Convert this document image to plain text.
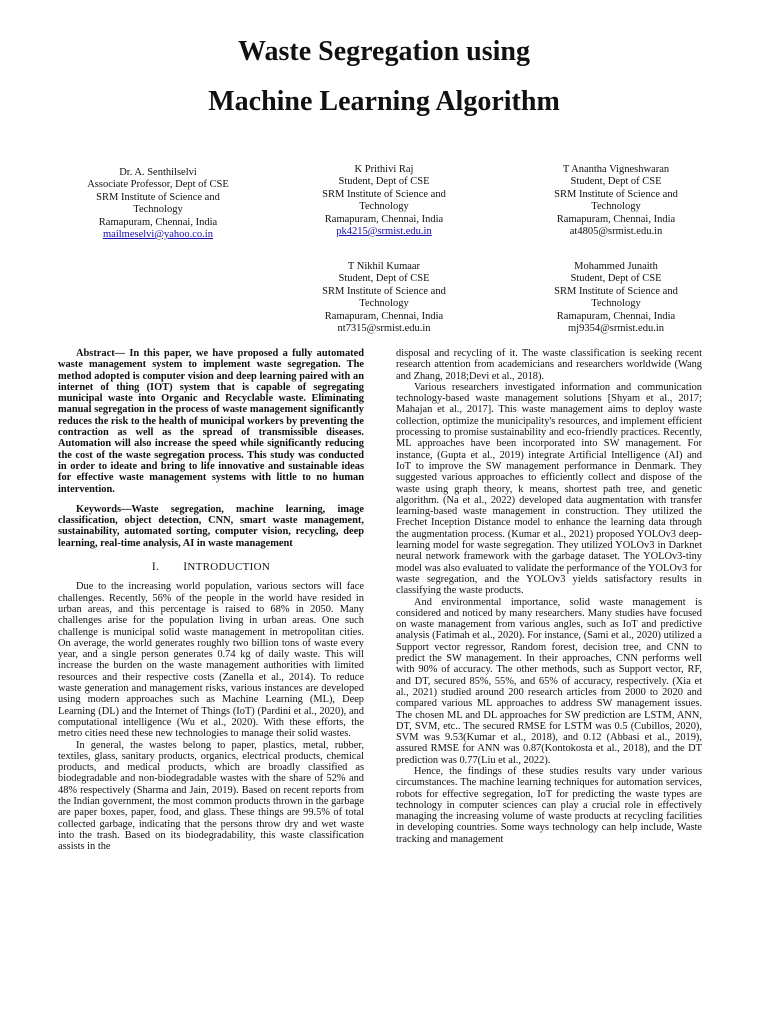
Waste Segregation using
Machine Learning Algorithm
Dr. A. Senthilselvi
Associate Professor, Dept of CSE
SRM Institute of Science and
Technology
Ramapuram, Chennai, India
mailmeselvi@yahoo.co.in
K Prithivi Raj
Student, Dept of CSE
SRM Institute of Science and
Technology
Ramapuram, Chennai, India
pk4215@srmist.edu.in
T Anantha Vigneshwaran
Student, Dept of CSE
SRM Institute of Science and
Technology
Ramapuram, Chennai, India
at4805@srmist.edu.in
T Nikhil Kumaar
Student, Dept of CSE
SRM Institute of Science and
Technology
Ramapuram, Chennai, India
nt7315@srmist.edu.in
Mohammed Junaith
Student, Dept of CSE
SRM Institute of Science and
Technology
Ramapuram, Chennai, India
mj9354@srmist.edu.in

Abstract— In this paper, we have proposed a fully automated waste management system to implement waste segregation. The method adopted is computer vision and deep learning paired with an internet of thing (IOT) system that is capable of segregating municipal waste into Organic and Recyclable waste. Eliminating manual segregation in the process of waste management significantly reduces the risk to the health of municipal workers by preventing the contraction as well as the spread of transmissible diseases. Automation will also increase the speed while significantly reducing the cost of the waste segregation process. This study was conducted in order to ideate and bring to life innovative and sustainable ideas for effective waste management systems with little to no human intervention.

Keywords—Waste segregation, machine learning, image classification, object detection, CNN, smart waste management, sustainability, automated sorting, computer vision, recycling, deep learning, real-time analysis, AI in waste management

I. INTRODUCTION

Due to the increasing world population, various sectors will face challenges. Recently, 56% of the people in the world have resided in urban areas, and this percentage is raised to 68% in 2050. Many challenges arise for the population living in urban areas. One such challenge is municipal solid waste management in metropolitan cities. On average, the world generates roughly two billion tons of waste every year, and a single person generates 0.74 kg of daily waste. This will increase the burden on the waste management authorities with limited resources and their respective costs (Zanella et al., 2014). To reduce waste generation and management risks, various instances are developed using modern approaches such as Machine Learning (ML), Deep Learning (DL) and the Internet of Things (IoT) (Pardini et al., 2020), and computational intelligence (Wu et al., 2020). With these efforts, the metro cities need these new technologies to manage their solid wastes.

In general, the wastes belong to paper, plastics, metal, rubber, textiles, glass, sanitary products, organics, electrical products, chemical products, and medical products, which are broadly classified as biodegradable and non-biodegradable wastes with the share of 52% and 48% respectively (Sharma and Jain, 2019). Based on recent reports from the Indian government, the most common products thrown in the garbage are paper boxes, paper, food, and glass. These things are 99.5% of total collected garbage, indicating that the persons throw dry and wet waste into the trash. Based on its biodegradability, this waste classification assists in the

disposal and recycling of it. The waste classification is seeking recent research attention from academicians and researchers worldwide (Wang and Zhang, 2018;Devi et al., 2018).

Various researchers investigated information and communication technology-based waste management solutions [Shyam et al., 2017; Mahajan et al., 2017]. This waste management aims to deploy waste collection, optimize the municipality's resources, and implement efficient processing to promise sustainability and eco-friendly practices. Recently, ML approaches have been incorporated into SW management. For instance, (Gupta et al., 2019) integrate Artificial Intelligence (AI) and IoT to improve the SW management performance in Denmark. They suggested various approaches to efficiently collect and dispose of the waste using graph theory, k means, shortest path tree, and genetic algorithm. (Na et al., 2022) developed data augmentation with transfer learning-based waste management in construction. They utilized the Frechet Inception Distance model to enhance the learning data through the augmentation process. (Kumar et al., 2021) proposed YOLOv3 deep-learning model for waste segregation. They utilized YOLOv3 in Darknet neural network framework with the garbage dataset. The YOLOv3-tiny model was also evaluated to validate the performance of the YOLOv3 for waste segregation, and the YOLOv3 yields satisfactory results in classifying the waste products.

And environmental importance, solid waste management is considered and noticed by many researchers. Many studies have focused on waste management from various angles, such as IoT and predictive analysis (Fatimah et al., 2020). For instance, (Sami et al., 2020) utilized a Support vector regressor, Random forest, decision tree, and CNN to predict the SW management. In their approaches, CNN performs well with 90% of accuracy. The other methods, such as Support vector, RF, and DT, secured 85%, 55%, and 65% of accuracy, respectively. (Xia et al., 2021) studied around 200 research articles from 2000 to 2020 and compared various ML approaches to address SW management issues. The chosen ML and DL approaches for SW prediction are LSTM, ANN, DT, SVM, etc.. The secured RMSE for LSTM was 0.5 (Cubillos, 2020), SVM was 9.53(Kumar et al., 2018), and 0.12 (Abbasi et al., 2019), assured RMSE for ANN was 0.87(Kontokosta et al., 2018), and the DT prediction was 0.77(Liu et al., 2022).

Hence, the findings of these studies results vary under various circumstances. The machine learning techniques for automation services, robots for effective segregation, IoT for predicting the waste types are technology in computer sciences can play a crucial role in effectively managing the increasing volume of waste products at recycling facilities in developing countries. Some ways technology can help include, Waste tracking and management
